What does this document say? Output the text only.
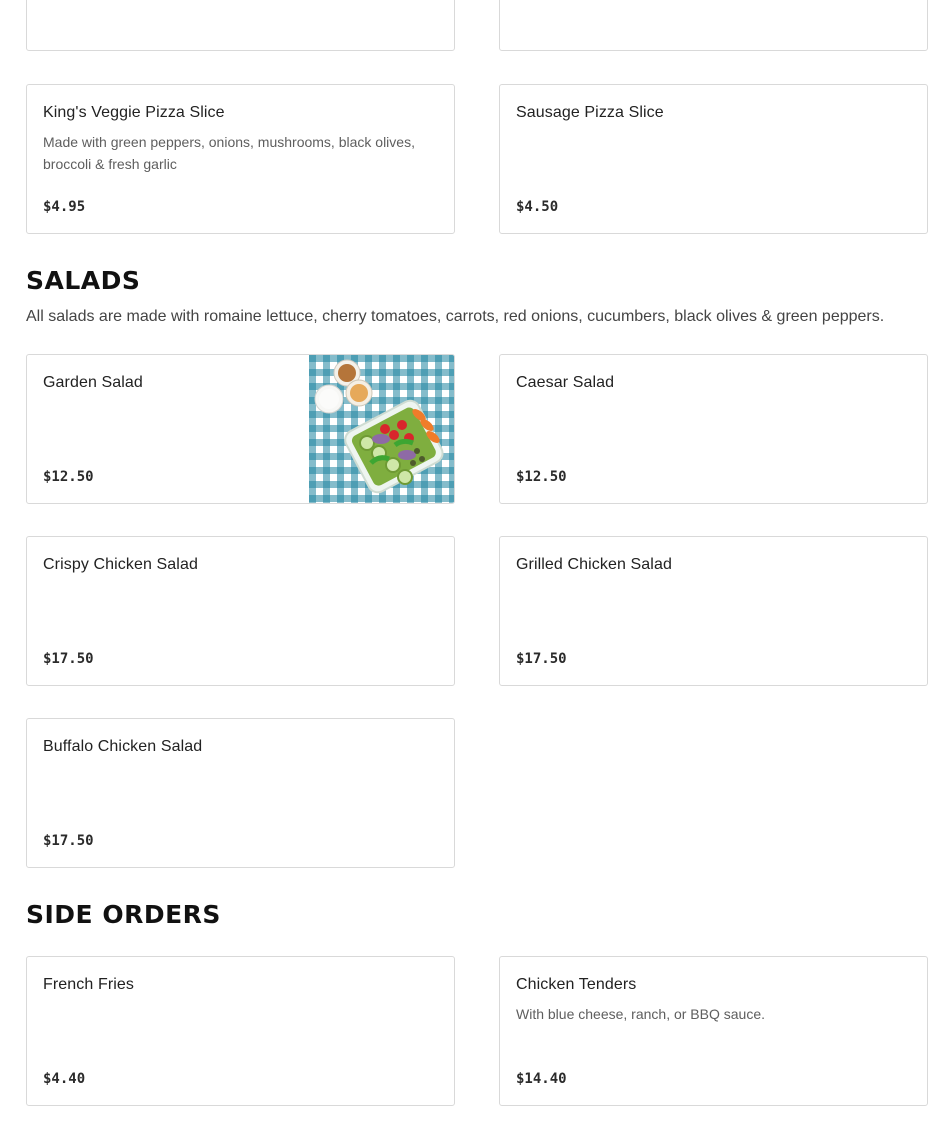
King's Veggie Pizza Slice
Made with green peppers, onions, mushrooms, black olives, broccoli & fresh garlic
$4.95
Sausage Pizza Slice
$4.50
SALADS

All salads are made with romaine lettuce, cherry tomatoes, carrots, red onions, cucumbers, black olives & green peppers.

Garden Salad
$12.50
Caesar Salad
$12.50
Crispy Chicken Salad
$17.50
Grilled Chicken Salad
$17.50
Buffalo Chicken Salad
$17.50
SIDE ORDERS
French Fries
$4.40
Chicken Tenders
With blue cheese, ranch, or BBQ sauce.
$14.40
